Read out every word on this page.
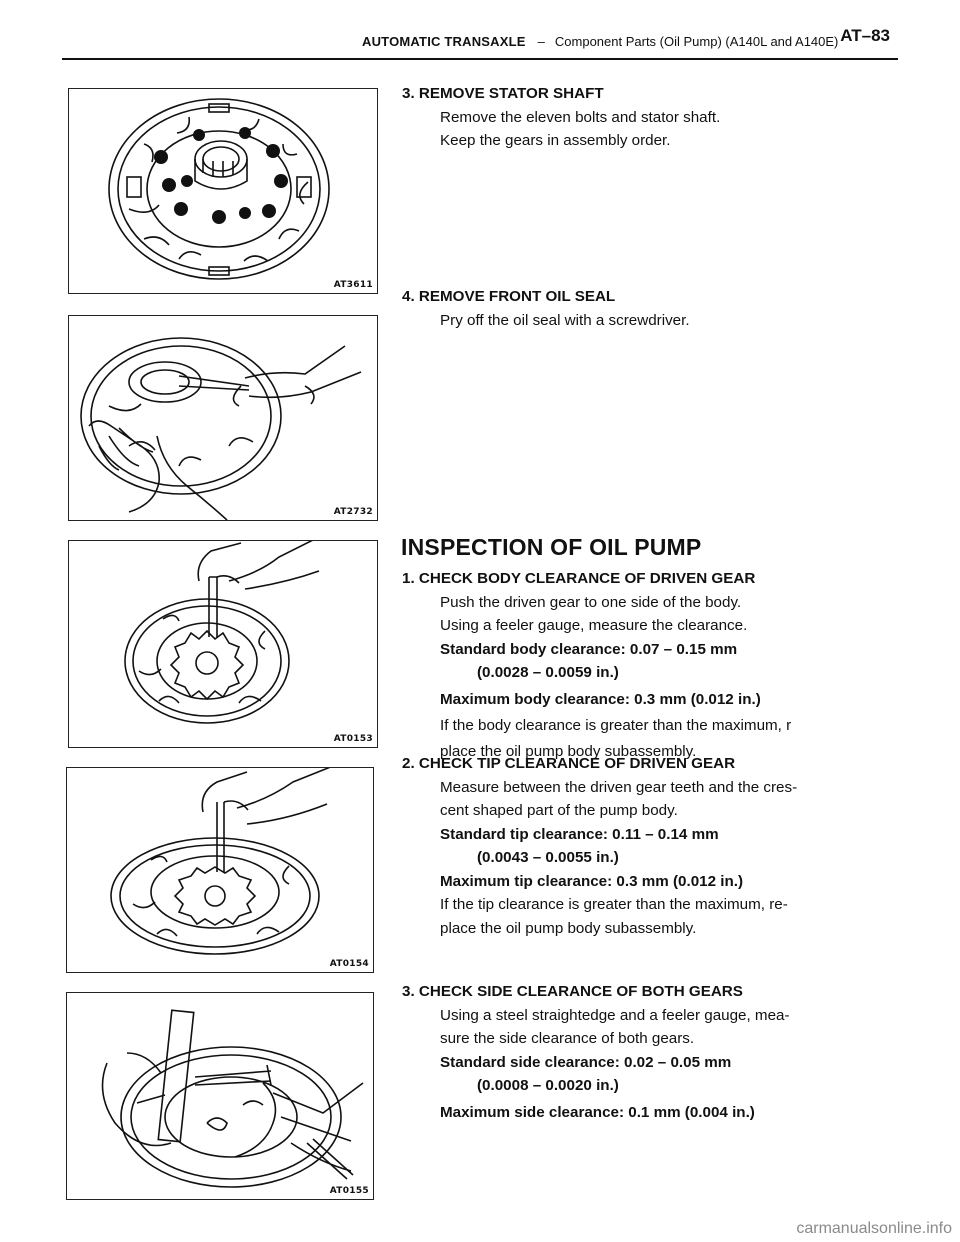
AUTOMATIC TRANSAXLE – Component Parts (Oil Pump) (A140L and A140E) AT–83
AT3611
AT2732
AT0153
AT0154
AT0155
3. REMOVE STATOR SHAFT
Remove the eleven bolts and stator shaft.
Keep the gears in assembly order.
4. REMOVE FRONT OIL SEAL
Pry off the oil seal with a screwdriver.
INSPECTION OF OIL PUMP
1. CHECK BODY CLEARANCE OF DRIVEN GEAR
Push the driven gear to one side of the body.
Using a feeler gauge, measure the clearance.
Standard body clearance: 0.07 – 0.15 mm
(0.0028 – 0.0059 in.)
Maximum body clearance: 0.3 mm (0.012 in.)
If the body clearance is greater than the maximum, r
place the oil pump body subassembly.
2. CHECK TIP CLEARANCE OF DRIVEN GEAR
Measure between the driven gear teeth and the cres-
cent shaped part of the pump body.
Standard tip clearance: 0.11 – 0.14 mm
(0.0043 – 0.0055 in.)
Maximum tip clearance: 0.3 mm (0.012 in.)
If the tip clearance is greater than the maximum, re-
place the oil pump body subassembly.
3. CHECK SIDE CLEARANCE OF BOTH GEARS
Using a steel straightedge and a feeler gauge, mea-
sure the side clearance of both gears.
Standard side clearance: 0.02 – 0.05 mm
(0.0008 – 0.0020 in.)
Maximum side clearance: 0.1 mm (0.004 in.)
carmanualsonline.info
